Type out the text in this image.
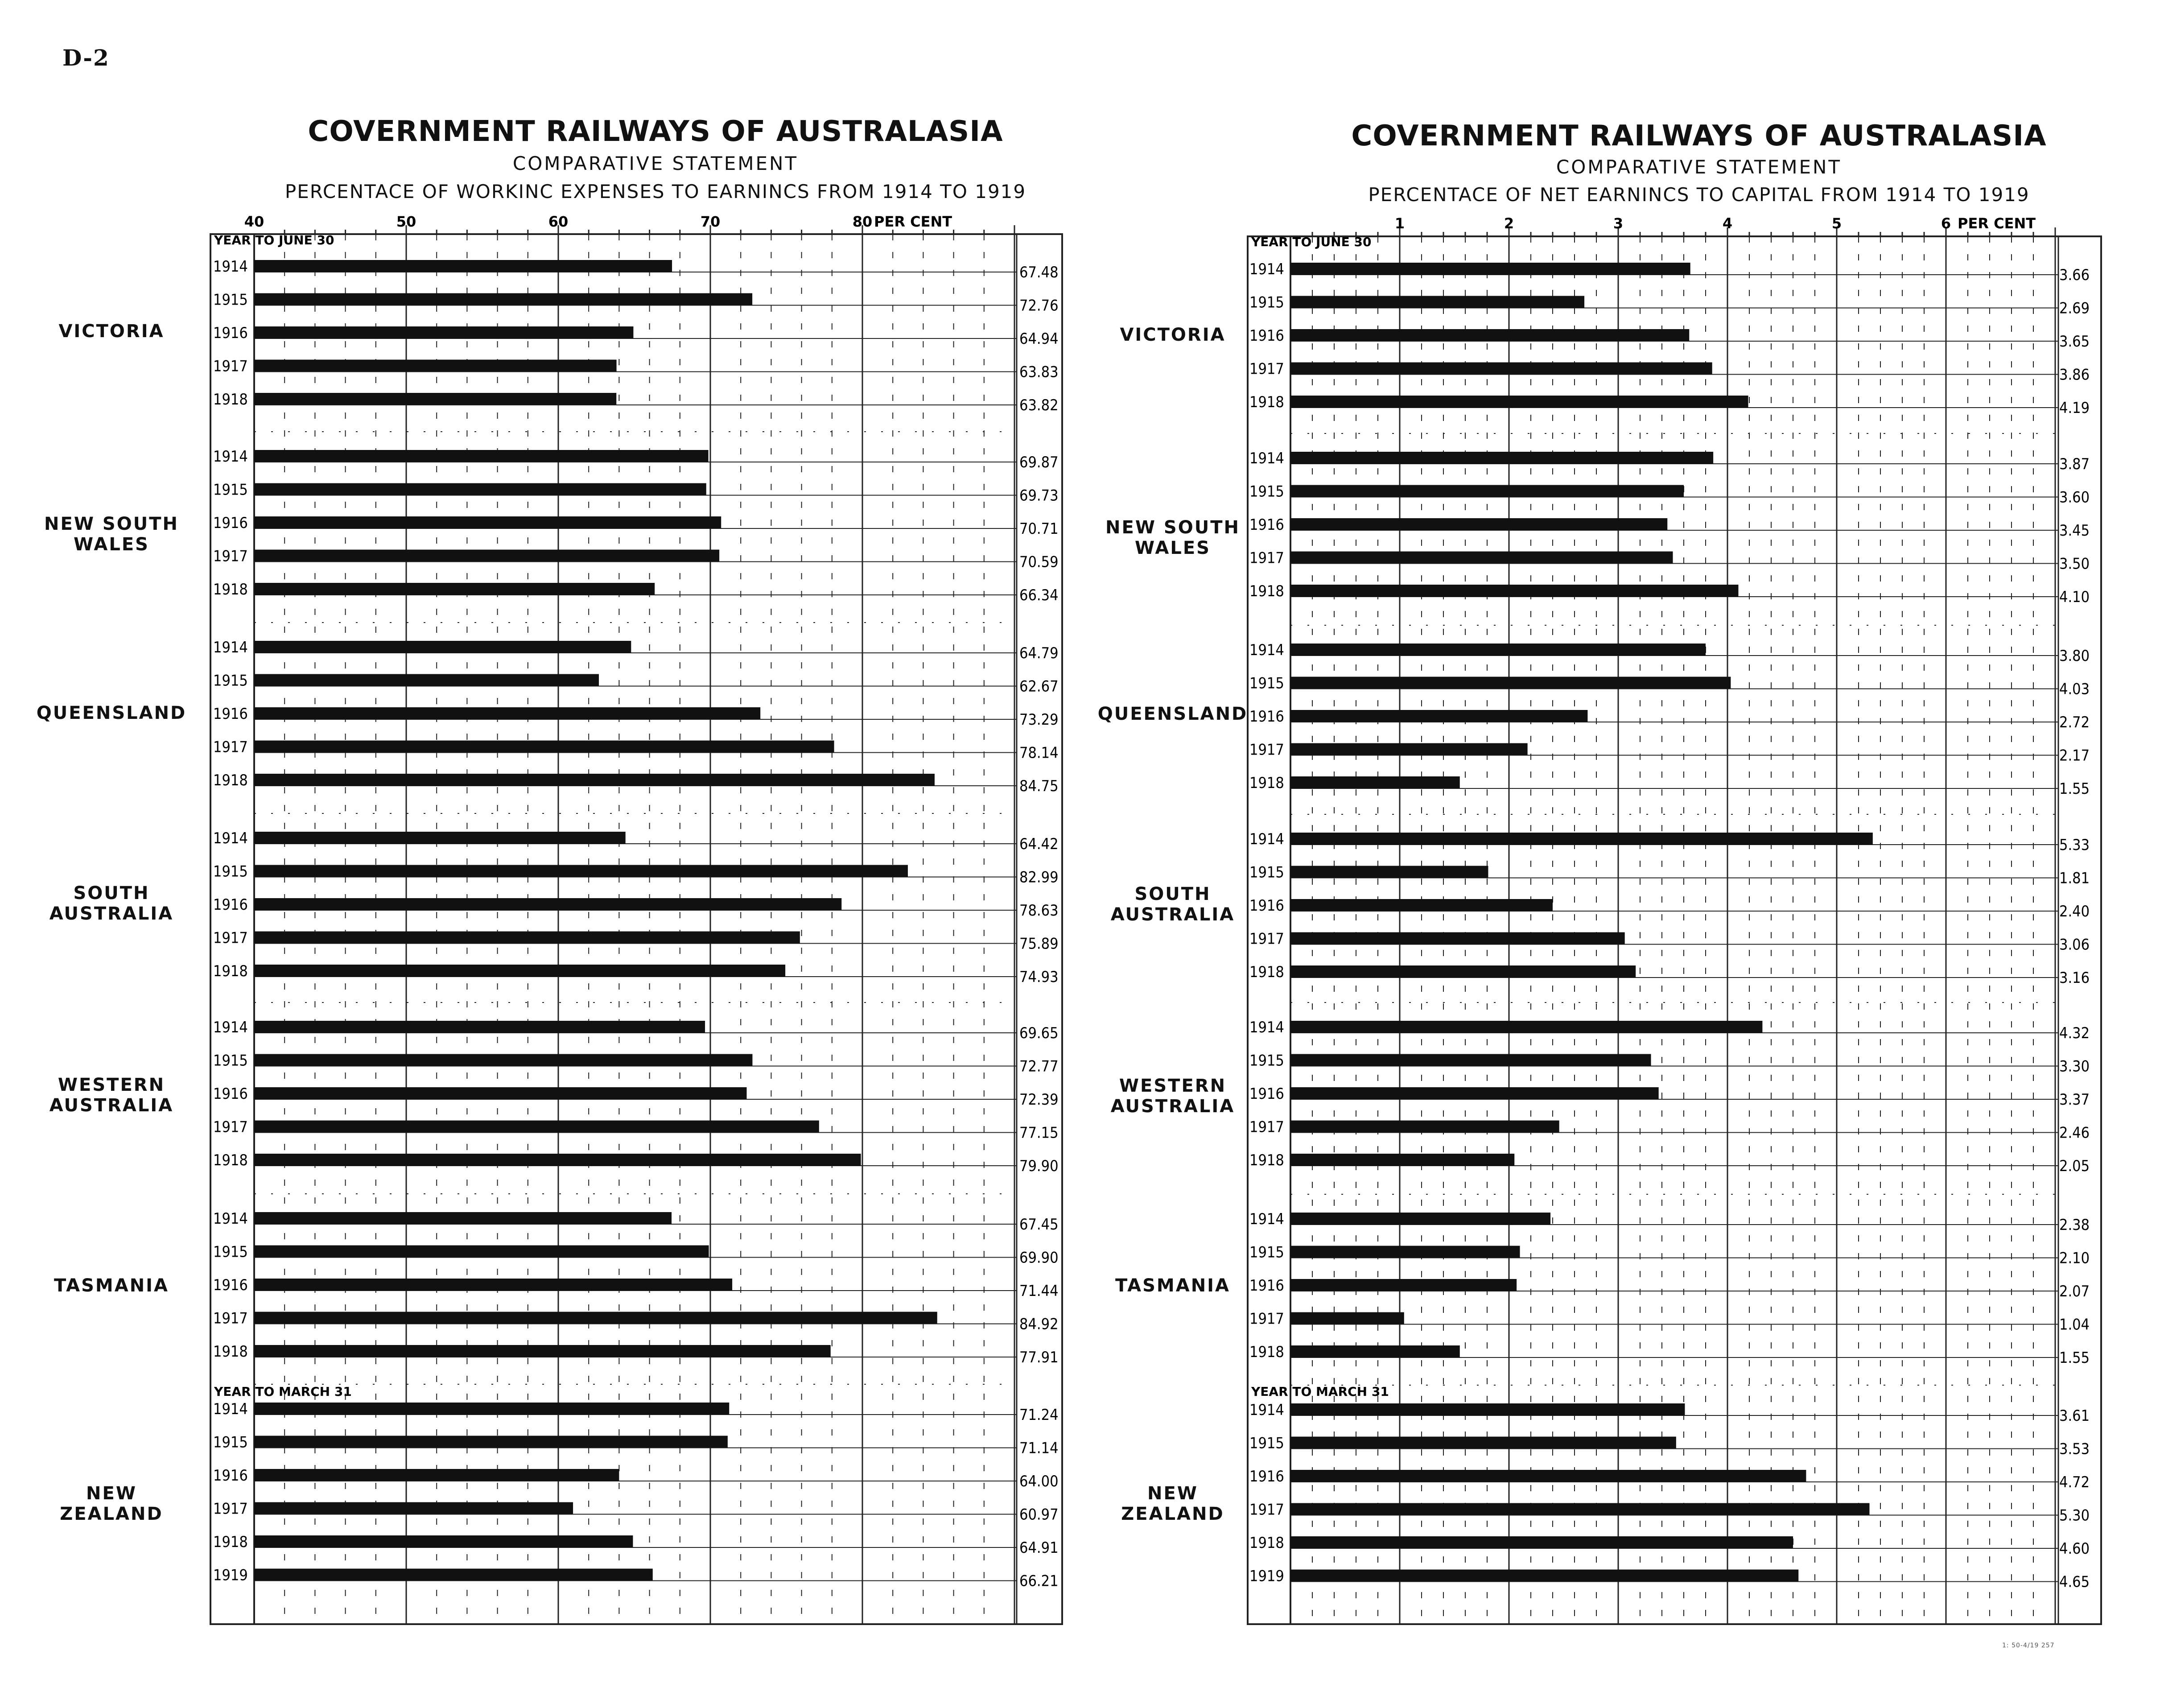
D-2
COVERNMENT RAILWAYS OF AUSTRALASIA
COMPARATIVE STATEMENT
PERCENTACE OF WORKINC EXPENSES TO EARNINCS FROM 1914 TO 1919
COVERNMENT RAILWAYS OF AUSTRALASIA
COMPARATIVE STATEMENT
PERCENTACE OF NET EARNINCS TO CAPITAL FROM 1914 TO 1919
VICTORIA
NEW SOUTH
WALES
QUEENSLAND
SOUTH
AUSTRALIA
WESTERN
AUSTRALIA
TASMANIA
NEW
ZEALAND
VICTORIA
NEW SOUTH
WALES
QUEENSLAND
SOUTH
AUSTRALIA
WESTERN
AUSTRALIA
TASMANIA
NEW
ZEALAND
40	50	60	70	80 PER CENT
YEAR TO JUNE 30
YEAR TO MARCH 31
1914	67.48
1915	72.76
1916	64.94
1917	63.83
1918	63.82
1914	69.87
1915	69.73
1916	70.71
1917	70.59
1918	66.34
1914	64.79
1915	62.67
1916	73.29
1917	78.14
1918	84.75
1914	64.42
1915	82.99
1916	78.63
1917	75.89
1918	74.93
1914	69.65
1915	72.77
1916	72.39
1917	77.15
1918	79.90
1914	67.45
1915	69.90
1916	71.44
1917	84.92
1918	77.91
1914	71.24
1915	71.14
1916	64.00
1917	60.97
1918	64.91
1919	66.21
1	2	3	4	5	6 PER CENT
YEAR TO JUNE 30
YEAR TO MARCH 31
1914	3.66
1915	2.69
1916	3.65
1917	3.86
1918	4.19
1914	3.87
1915	3.60
1916	3.45
1917	3.50
1918	4.10
1914	3.80
1915	4.03
1916	2.72
1917	2.17
1918	1.55
1914	5.33
1915	1.81
1916	2.40
1917	3.06
1918	3.16
1914	4.32
1915	3.30
1916	3.37
1917	2.46
1918	2.05
1914	2.38
1915	2.10
1916	2.07
1917	1.04
1918	1.55
1914	3.61
1915	3.53
1916	4.72
1917	5.30
1918	4.60
1919	4.65
1: 50-4/19 257
